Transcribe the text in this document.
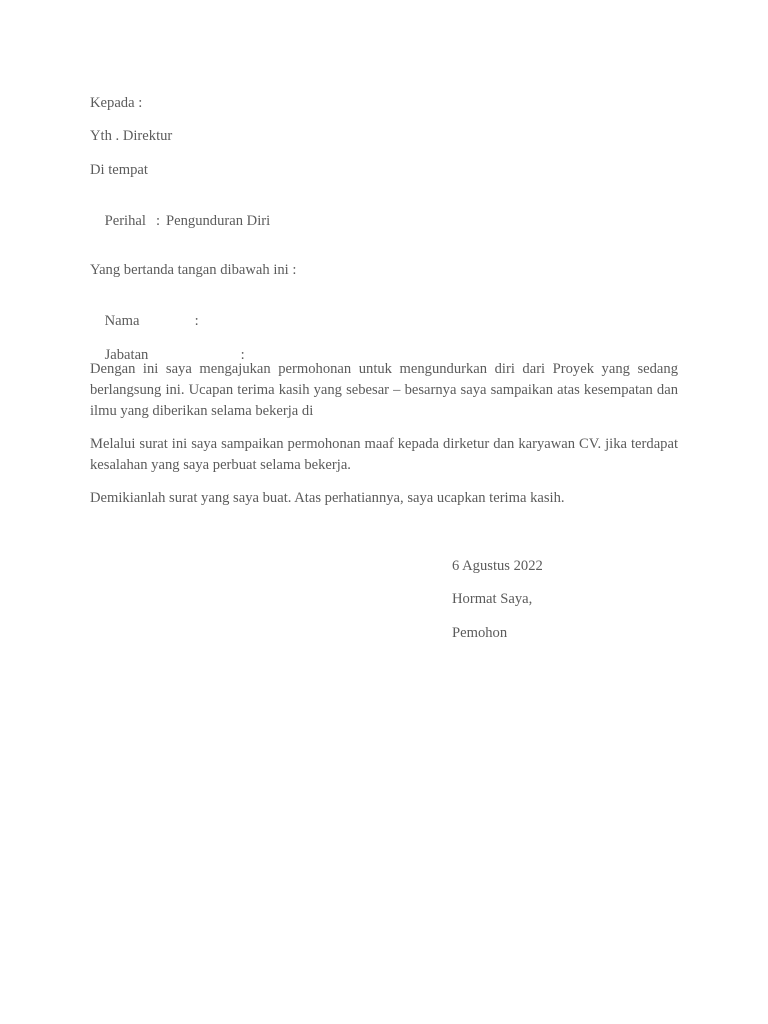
Kepada :
Yth . Direktur
Di tempat

Perihal : Pengunduran Diri

Yang bertanda tangan dibawah ini :

Nama	:

Jabatan	:

Dengan ini saya mengajukan permohonan untuk mengundurkan diri dari Proyek yang sedang berlangsung ini. Ucapan terima kasih yang sebesar – besarnya saya sampaikan atas kesempatan dan ilmu yang diberikan selama bekerja di
Melalui surat ini saya sampaikan permohonan maaf kepada dirketur dan karyawan CV. jika terdapat kesalahan yang saya perbuat selama bekerja.
Demikianlah surat yang saya buat. Atas perhatiannya, saya ucapkan terima kasih.
6 Agustus 2022
Hormat Saya,
Pemohon
